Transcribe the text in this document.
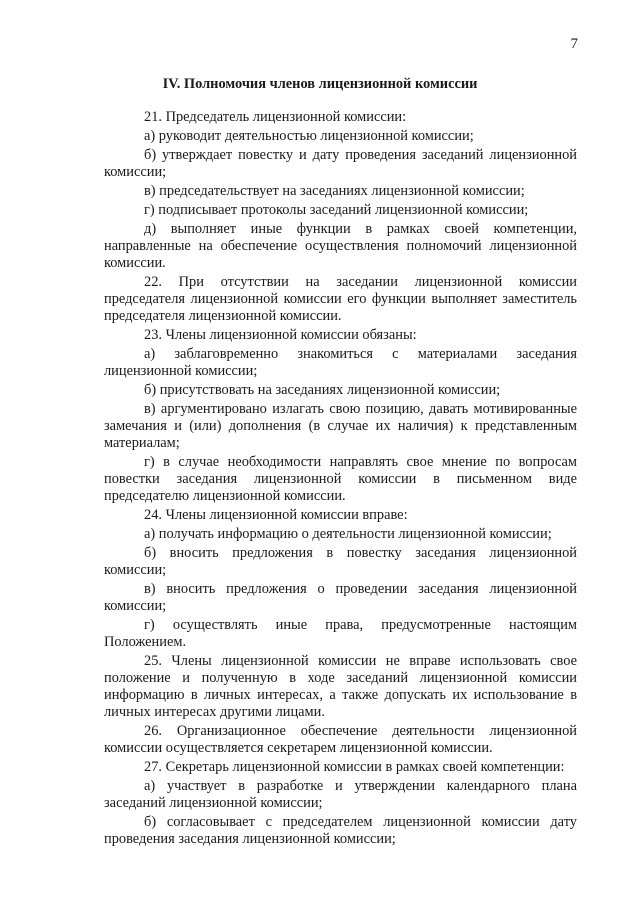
7
IV. Полномочия членов лицензионной комиссии

21. Председатель лицензионной комиссии:

а) руководит деятельностью лицензионной комиссии;

б) утверждает повестку и дату проведения заседаний лицензионной комиссии;

в) председательствует на заседаниях лицензионной комиссии;

г) подписывает протоколы заседаний лицензионной комиссии;

д) выполняет иные функции в рамках своей компетенции, направленные на обеспечение осуществления полномочий лицензионной комиссии.

22. При отсутствии на заседании лицензионной комиссии председателя лицензионной комиссии его функции выполняет заместитель председателя лицензионной комиссии.

23. Члены лицензионной комиссии обязаны:

а) заблаговременно знакомиться с материалами заседания лицензионной комиссии;

б) присутствовать на заседаниях лицензионной комиссии;

в) аргументировано излагать свою позицию, давать мотивированные замечания и (или) дополнения (в случае их наличия) к представленным материалам;

г) в случае необходимости направлять свое мнение по вопросам повестки заседания лицензионной комиссии в письменном виде председателю лицензионной комиссии.

24. Члены лицензионной комиссии вправе:

а) получать информацию о деятельности лицензионной комиссии;

б) вносить предложения в повестку заседания лицензионной комиссии;

в) вносить предложения о проведении заседания лицензионной комиссии;

г) осуществлять иные права, предусмотренные настоящим Положением.

25. Члены лицензионной комиссии не вправе использовать свое положение и полученную в ходе заседаний лицензионной комиссии информацию в личных интересах, а также допускать их использование в личных интересах другими лицами.

26. Организационное обеспечение деятельности лицензионной комиссии осуществляется секретарем лицензионной комиссии.

27. Секретарь лицензионной комиссии в рамках своей компетенции:

а) участвует в разработке и утверждении календарного плана заседаний лицензионной комиссии;

б) согласовывает с председателем лицензионной комиссии дату проведения заседания лицензионной комиссии;
